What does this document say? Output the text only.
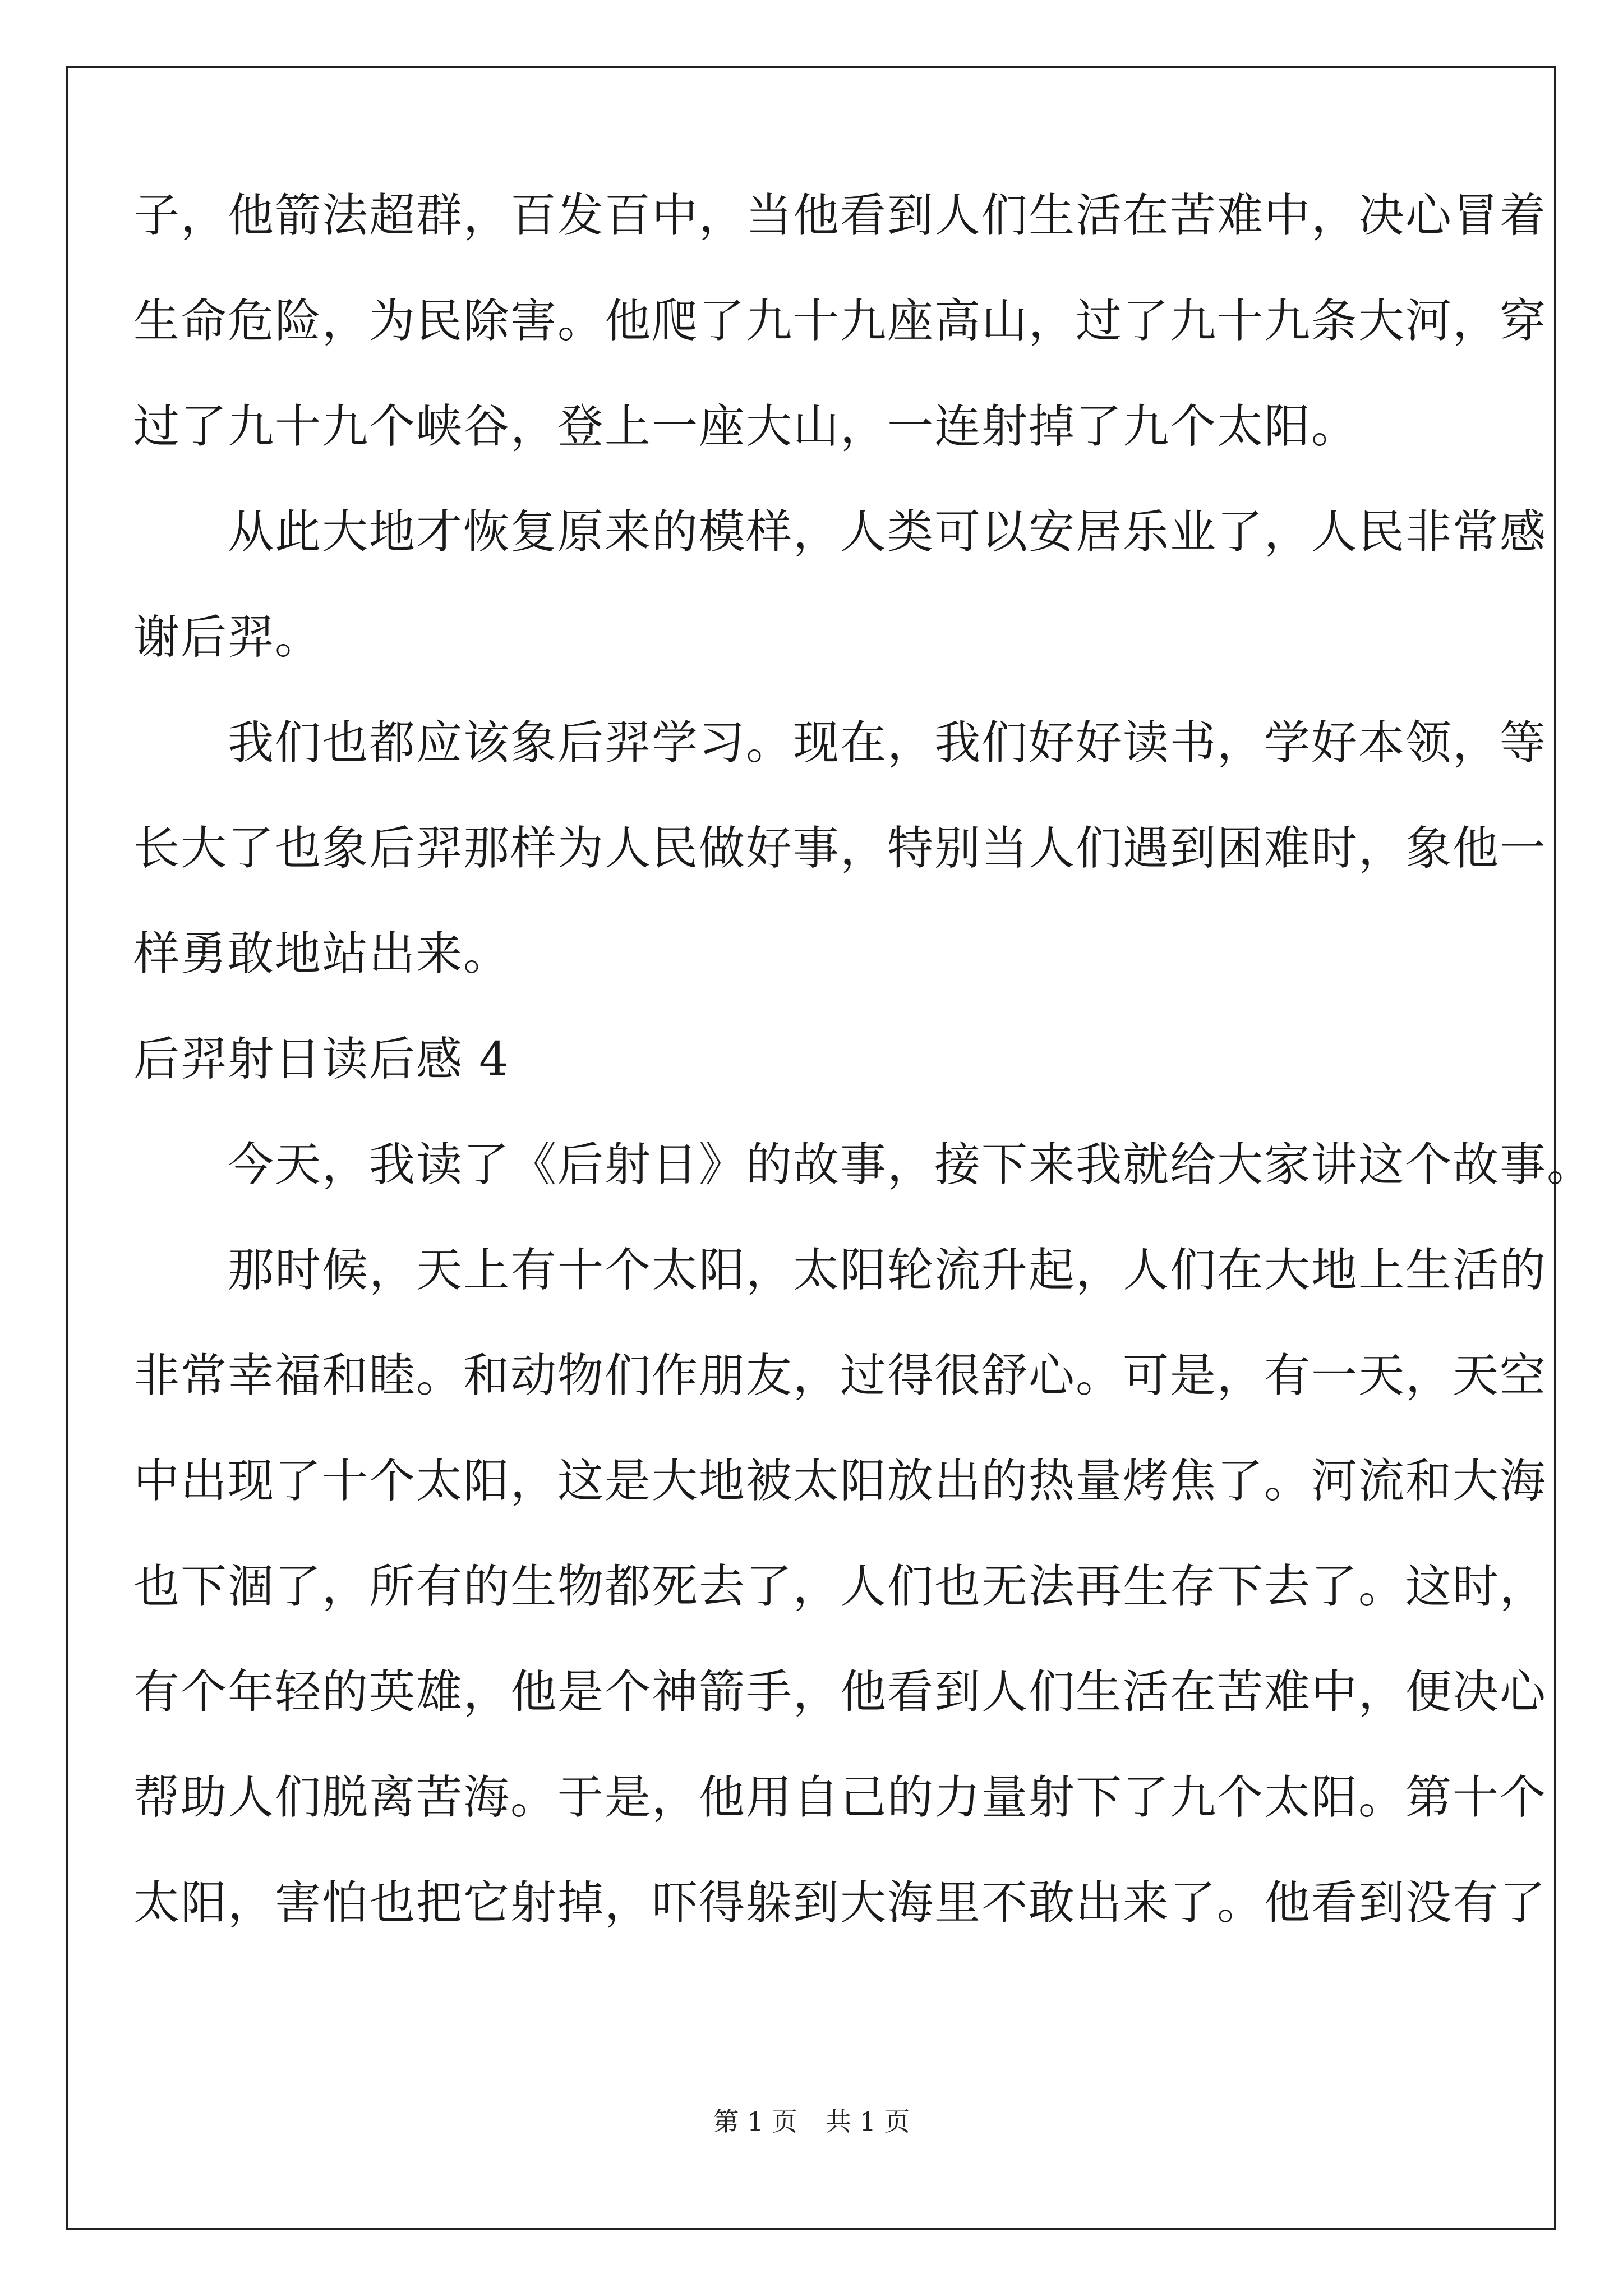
子，他箭法超群，百发百中，当他看到人们生活在苦难中，决心冒着
生命危险，为民除害。他爬了九十九座高山，过了九十九条大河，穿
过了九十九个峡谷，登上一座大山，一连射掉了九个太阳。
　　从此大地才恢复原来的模样，人类可以安居乐业了，人民非常感
谢后羿。
　　我们也都应该象后羿学习。现在，我们好好读书，学好本领，等
长大了也象后羿那样为人民做好事，特别当人们遇到困难时，象他一
样勇敢地站出来。
后羿射日读后感 4
　　今天，我读了《后射日》的故事，接下来我就给大家讲这个故事。
　　那时候，天上有十个太阳，太阳轮流升起，人们在大地上生活的
非常幸福和睦。和动物们作朋友，过得很舒心。可是，有一天，天空
中出现了十个太阳，这是大地被太阳放出的热量烤焦了。河流和大海
也下涸了，所有的生物都死去了，人们也无法再生存下去了。这时，
有个年轻的英雄，他是个神箭手，他看到人们生活在苦难中，便决心
帮助人们脱离苦海。于是，他用自己的力量射下了九个太阳。第十个
太阳，害怕也把它射掉，吓得躲到大海里不敢出来了。他看到没有了
第 1 页 共 1 页
